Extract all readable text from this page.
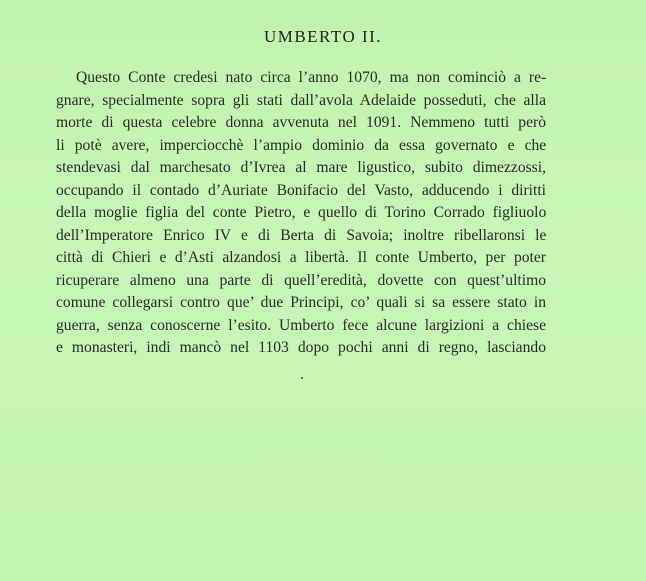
UMBERTO II.
Questo Conte credesi nato circa l’anno 1070, ma non cominciò a re-
gnare, specialmente sopra gli stati dall’avola Adelaide posseduti, che alla
morte di questa celebre donna avvenuta nel 1091. Nemmeno tutti però
li potè avere, imperciocchè l’ampio dominio da essa governato e che
stendevasi dal marchesato d’Ivrea al mare ligustico, subito dimezzossi,
occupando il contado d’Auriate Bonifacio del Vasto, adducendo i diritti
della moglie figlia del conte Pietro, e quello di Torino Corrado figliuolo
dell’Imperatore Enrico IV e di Berta di Savoia; inoltre ribellaronsi le
città di Chieri e d’Asti alzandosi a libertà. Il conte Umberto, per poter
ricuperare almeno una parte di quell’eredità, dovette con quest’ultimo
comune collegarsi contro que’ due Principi, co’ quali si sa essere stato in
guerra, senza conoscerne l’esito. Umberto fece alcune largizioni a chiese
e monasteri, indi mancò nel 1103 dopo pochi anni di regno, lasciando
